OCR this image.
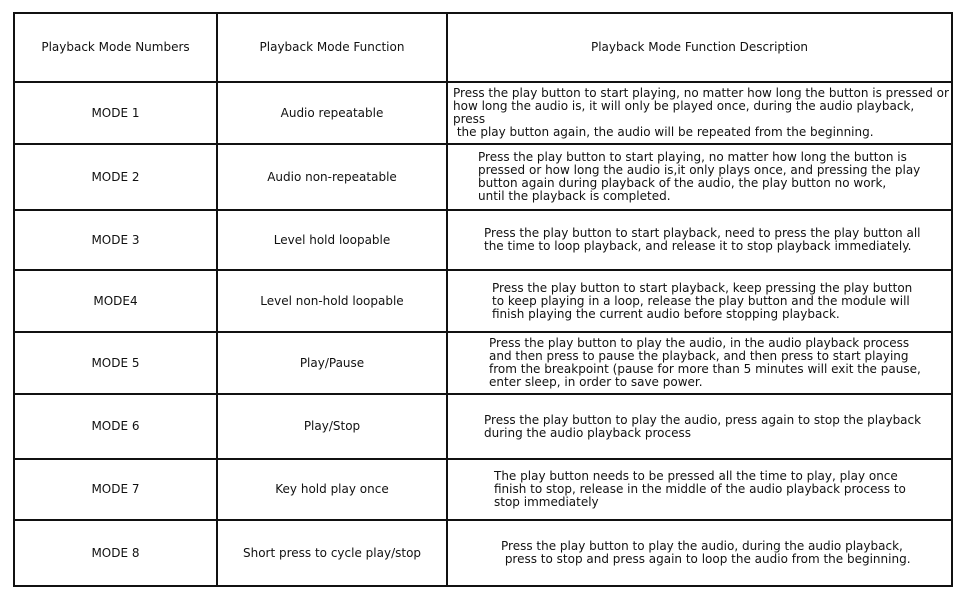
Playback Mode Numbers	Playback Mode Function	Playback Mode Function Description
MODE 1	Audio repeatable	Press the play button to start playing, no matter how long the button is pressed or
how long the audio is, it will only be played once, during the audio playback, press
the play button again, the audio will be repeated from the beginning.

MODE 2	Audio non-repeatable	Press the play button to start playing, no matter how long the button is
pressed or how long the audio is,it only plays once, and pressing the play
button again during playback of the audio, the play button no work,
until the playback is completed.

MODE 3	Level hold loopable	Press the play button to start playback, need to press the play button all
the time to loop playback, and release it to stop playback immediately.

MODE4	Level non-hold loopable	Press the play button to start playback, keep pressing the play button
to keep playing in a loop, release the play button and the module will
finish playing the current audio before stopping playback.

MODE 5	Play/Pause	Press the play button to play the audio, in the audio playback process
and then press to pause the playback, and then press to start playing
from the breakpoint (pause for more than 5 minutes will exit the pause,
enter sleep, in order to save power.

MODE 6	Play/Stop	Press the play button to play the audio, press again to stop the playback
during the audio playback process

MODE 7	Key hold play once	The play button needs to be pressed all the time to play, play once
finish to stop, release in the middle of the audio playback process to
stop immediately

MODE 8	Short press to cycle play/stop	Press the play button to play the audio, during the audio playback,
press to stop and press again to loop the audio from the beginning.
